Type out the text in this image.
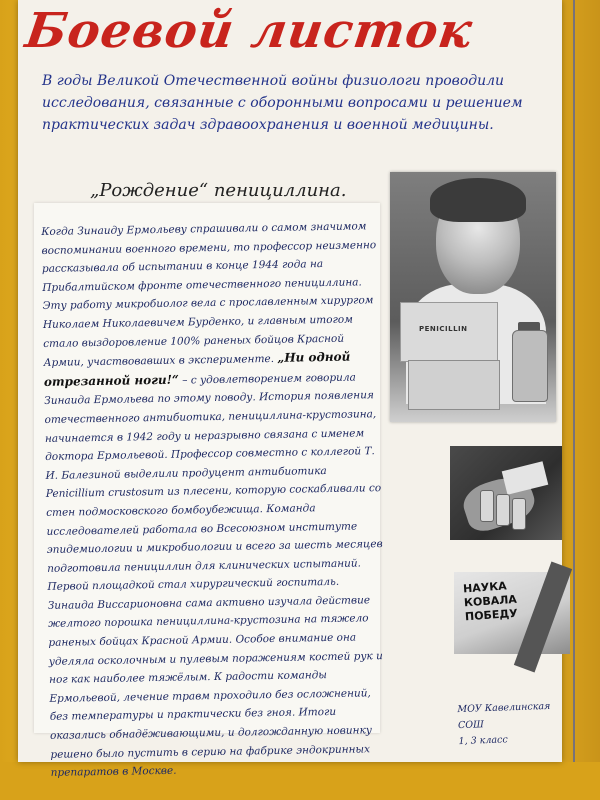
Боевой листок
В годы Великой Отечественной войны физиологи проводили исследования, связанные с оборонными вопросами и решением практических задач здравоохранения и военной медицины.
„Рождение“ пенициллина.
Когда Зинаиду Ермольеву спрашивали о самом значимом воспоминании военного времени, то профессор неизменно рассказывала об испытании в конце 1944 года на Прибалтийском фронте отечественного пенициллина. Эту работу микробиолог вела с прославленным хирургом Николаем Николаевичем Бурденко, и главным итогом стало выздоровление 100% раненых бойцов Красной Армии, участвовавших в эксперименте. „Ни одной отрезанной ноги!“ – с удовлетворением говорила Зинаида Ермольева по этому поводу. История появления отечественного антибиотика, пенициллина-крустозина, начинается в 1942 году и неразрывно связана с именем доктора Ермольевой. Профессор совместно с коллегой Т. И. Балезиной выделили продуцент антибиотика Penicillium crustosum из плесени, которую соскабливали со стен подмосковского бомбоубежища. Команда исследователей работала во Всесоюзном институте эпидемиологии и микробиологии и всего за шесть месяцев подготовила пенициллин для клинических испытаний. Первой площадкой стал хирургический госпиталь. Зинаида Виссарионовна сама активно изучала действие желтого порошка пенициллина-крустозина на тяжело раненых бойцах Красной Армии. Особое внимание она уделяла осколочным и пулевым поражениям костей рук и ног как наиболее тяжёлым. К радости команды Ермольевой, лечение травм проходило без осложнений, без температуры и практически без гноя. Итоги оказались обнадёживающими, и долгожданную новинку решено было пустить в серию на фабрике эндокринных препаратов в Москве.
PENICILLIN
НАУКА КОВАЛА ПОБЕДУ
МОУ Кавелинская СОШ
1, 3 класс
